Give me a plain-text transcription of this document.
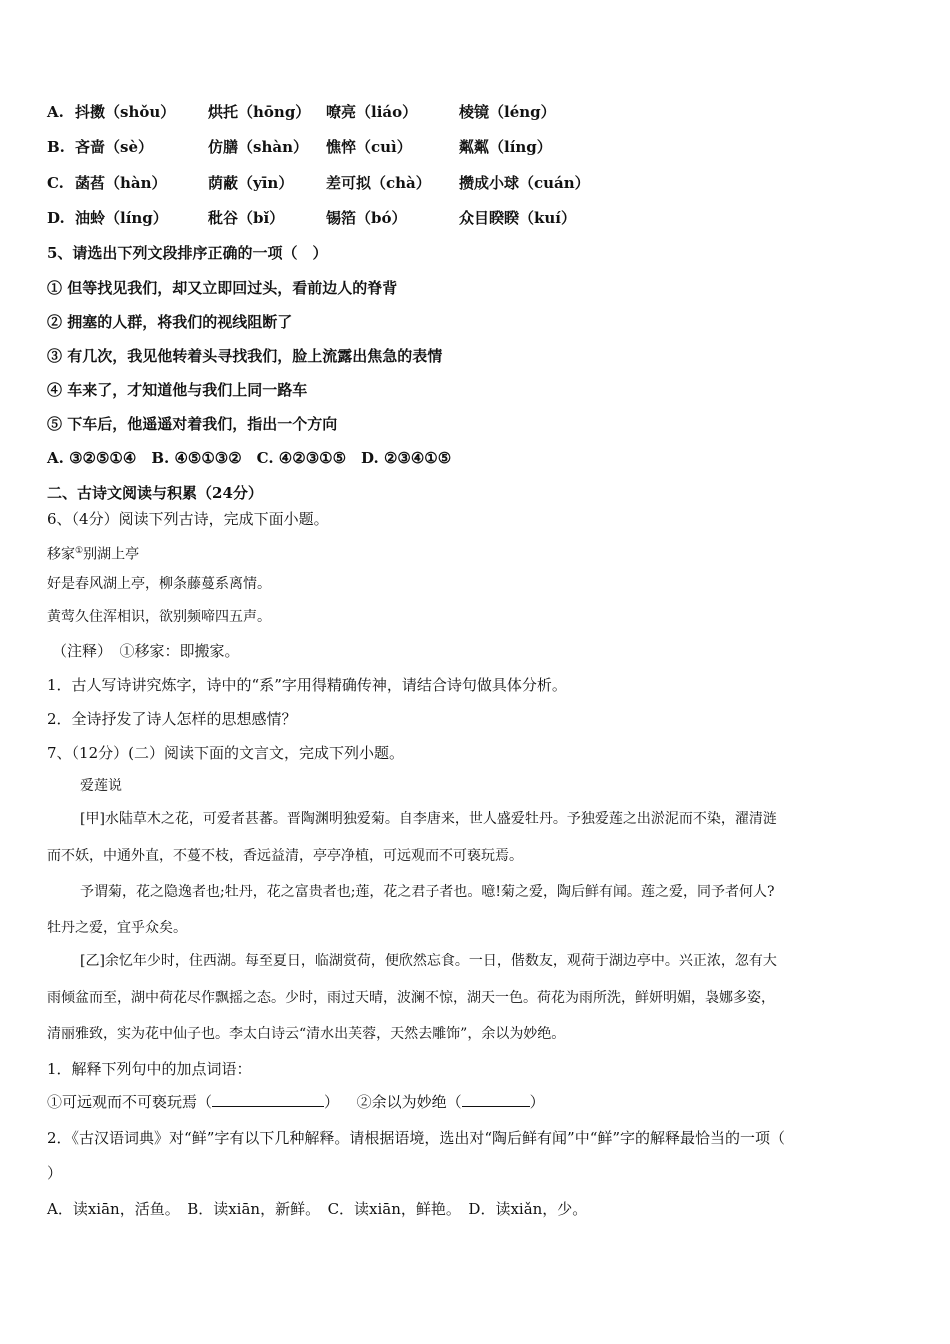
A. 抖擞（shǒu） 烘托（hōng） 嘹亮（liáo）	棱镜（léng）
B. 吝啬（sè）	仿膳（shàn） 憔悴（cuì）	粼粼（líng）
C. 菡萏（hàn）	荫蔽（yīn） 差可拟（chà） 攒成小球（cuán）
D. 油蛉（líng）	秕谷（bǐ）	锡箔（bó）	众目睽睽（kuí）
5、请选出下列文段排序正确的一项（　）
① 但等找见我们，却又立即回过头，看前边人的脊背
② 拥塞的人群，将我们的视线阻断了
③ 有几次，我见他转着头寻找我们，脸上流露出焦急的表情
④ 车来了，才知道他与我们上同一路车
⑤ 下车后，他遥遥对着我们，指出一个方向
A. ③②⑤①④　B. ④⑤①③②　C. ④②③①⑤　D. ②③④①⑤
二、古诗文阅读与积累（24分）
6、（4分）阅读下列古诗，完成下面小题。
移家①别湖上亭
好是春风湖上亭，柳条藤蔓系离情。
黄莺久住浑相识，欲别频啼四五声。
（注释）　①移家：即搬家。
1．古人写诗讲究炼字，诗中的“系”字用得精确传神，请结合诗句做具体分析。
2．全诗抒发了诗人怎样的思想感情？
7、（12分）(二）阅读下面的文言文，完成下列小题。
爱莲说
[甲]水陆草木之花，可爱者甚蕃。晋陶渊明独爱菊。自李唐来，世人盛爱牡丹。予独爱莲之出淤泥而不染，濯清涟
而不妖，中通外直，不蔓不枝，香远益清，亭亭净植，可远观而不可亵玩焉。
予谓菊，花之隐逸者也;牡丹，花之富贵者也;莲，花之君子者也。噫!菊之爱，陶后鲜有闻。莲之爱，同予者何人?
牡丹之爱，宜乎众矣。
[乙]余忆年少时，住西湖。每至夏日，临湖赏荷，便欣然忘食。一日，偕数友，观荷于湖边亭中。兴正浓，忽有大
雨倾盆而至，湖中荷花尽作飘摇之态。少时，雨过天晴，波澜不惊，湖天一色。荷花为雨所洗，鲜妍明媚，袅娜多姿，
清丽雅致，实为花中仙子也。李太白诗云“清水出芙蓉，天然去雕饰”，余以为妙绝。
1．解释下列句中的加点词语：
①可远观而不可亵玩焉（	） ②余以为妙绝（	）
2．《古汉语词典》对“鲜”字有以下几种解释。请根据语境，选出对“陶后鲜有闻”中“鲜”字的解释最恰当的一项（
）
A．读xiān，活鱼。　B．读xiān，新鲜。　C．读xiān，鲜艳。　D．读xiǎn，少。
